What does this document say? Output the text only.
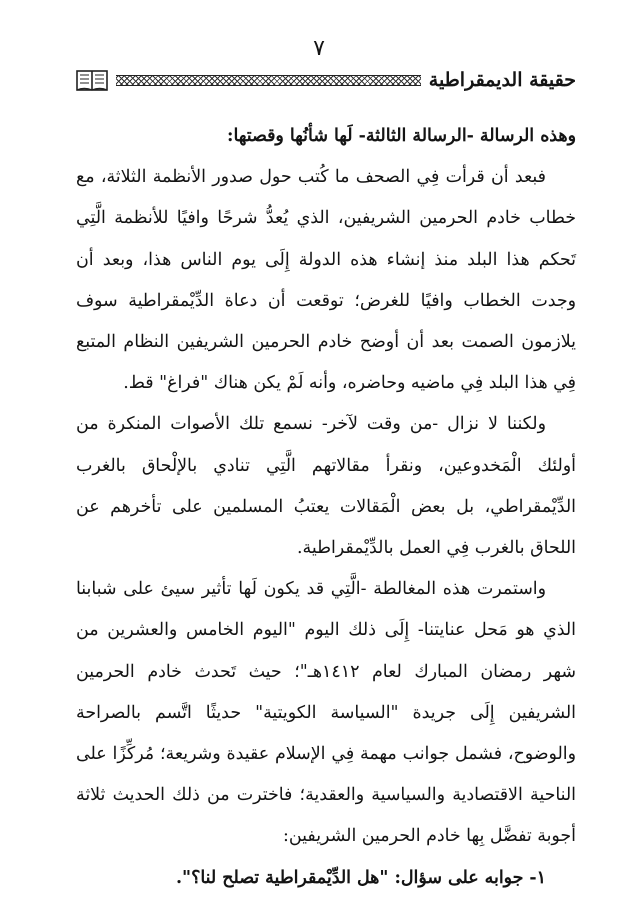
٧
حقيقة الديمقراطية

وهذه الرسالة -الرسالة الثالثة- لَها شأنُها وقصتها:

فبعد أن قرأت فِي الصحف ما كُتب حول صدور الأنظمة الثلاثة، مع خطاب خادم الحرمين الشريفين، الذي يُعدُّ شرحًا وافيًا للأنظمة الَّتِي تَحكم هذا البلد منذ إنشاء هذه الدولة إِلَى يوم الناس هذا، وبعد أن وجدت الخطاب وافيًا للغرض؛ توقعت أن دعاة الدِّيْمقراطية سوف يلازمون الصمت بعد أن أوضح خادم الحرمين الشريفين النظام المتبع فِي هذا البلد فِي ماضيه وحاضره، وأنه لَمْ يكن هناك "فراغ" قط.

ولكننا لا نزال -من وقت لآخر- نسمع تلك الأصوات المنكرة من أولئك الْمَخدوعين، ونقرأ مقالاتهم الَّتِي تنادي بالإلْحاق بالغرب الدِّيْمقراطي، بل بعض الْمَقالات يعتبُ المسلمين على تأخرهم عن اللحاق بالغرب فِي العمل بالدِّيْمقراطية.

واستمرت هذه المغالطة -الَّتِي قد يكون لَها تأثير سيئ على شبابنا الذي هو مَحل عنايتنا- إِلَى ذلك اليوم "اليوم الخامس والعشرين من شهر رمضان المبارك لعام ١٤١٢هـ"؛ حيث تَحدث خادم الحرمين الشريفين إِلَى جريدة "السياسة الكويتية" حديثًا اتَّسم بالصراحة والوضوح، فشمل جوانب مهمة فِي الإسلام عقيدة وشريعة؛ مُركِّزًا على الناحية الاقتصادية والسياسية والعقدية؛ فاخترت من ذلك الحديث ثلاثة أجوبة تفضَّل بِها خادم الحرمين الشريفين:

١- جوابه على سؤال: "هل الدِّيْمقراطية تصلح لنا؟".
